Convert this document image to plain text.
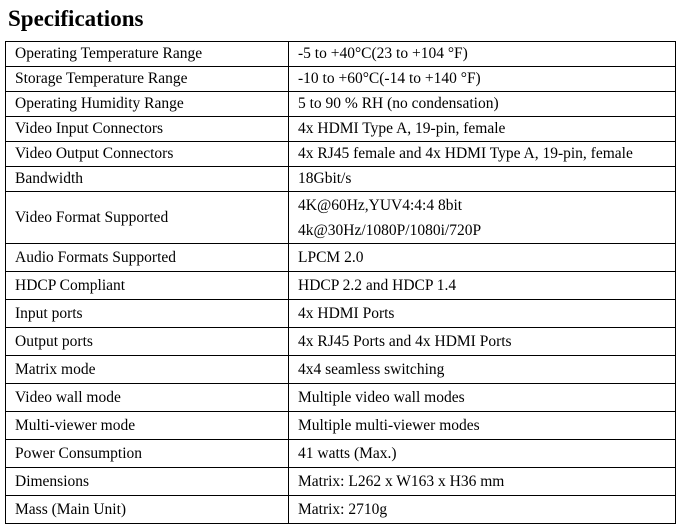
Specifications
Operating Temperature Range	-5 to +40°C(23 to +104 °F)
Storage Temperature Range	-10 to +60°C(-14 to +140 °F)
Operating Humidity Range	5 to 90 % RH (no condensation)
Video Input Connectors	4x HDMI Type A, 19-pin, female
Video Output Connectors	4x RJ45 female and 4x HDMI Type A, 19-pin, female
Bandwidth	18Gbit/s
Video Format Supported	4K@60Hz,YUV4:4:4 8bit
4k@30Hz/1080P/1080i/720P

Audio Formats Supported	LPCM 2.0
HDCP Compliant	HDCP 2.2 and HDCP 1.4
Input ports	4x HDMI Ports
Output ports	4x RJ45 Ports and 4x HDMI Ports
Matrix mode	4x4 seamless switching
Video wall mode	Multiple video wall modes
Multi-viewer mode	Multiple multi-viewer modes
Power Consumption	41 watts (Max.)
Dimensions	Matrix: L262 x W163 x H36 mm
Mass (Main Unit)	Matrix: 2710g
